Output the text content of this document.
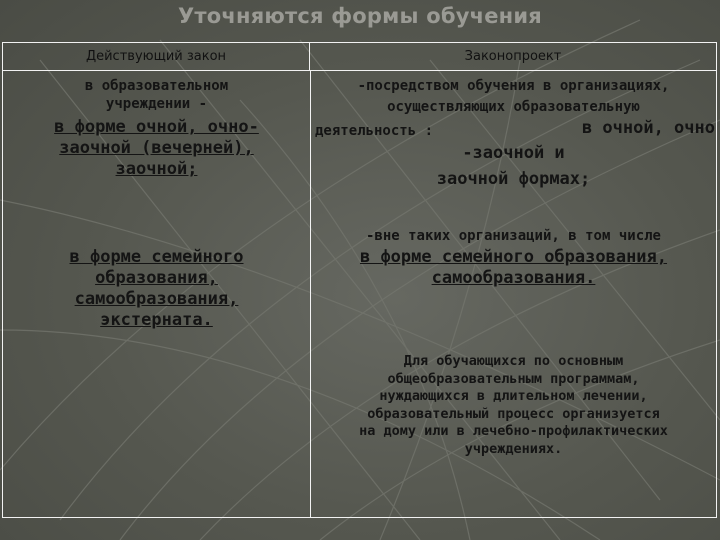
Уточняются формы обучения
Действующий закон	Законопроект
в образовательном
учреждении -
в форме очной, очно-
заочной (вечерней),
заочной;
в форме семейного
образования,
самообразования,
экстерната.
-посредством обучения в организациях,
осуществляющих образовательную
деятельность :	в очной, очно
-заочной и
заочной формах;
-вне таких организаций, в том числе
в форме семейного образования,
самообразования.
Для обучающихся по основным
общеобразовательным программам,
нуждающихся в длительном лечении,
образовательный процесс организуется
на дому или в лечебно-профилактических
учреждениях.
